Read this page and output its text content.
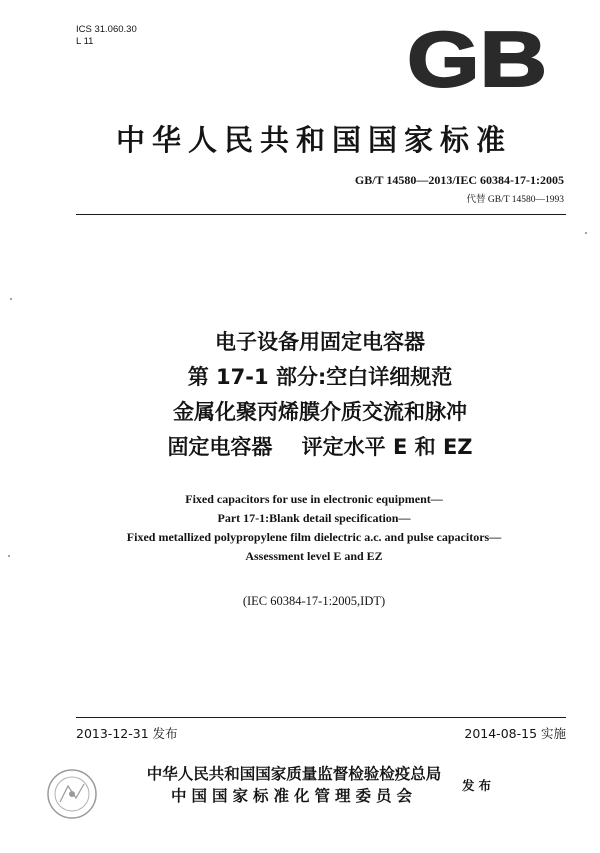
ICS 31.060.30
L 11	GB
中华人民共和国国家标准
GB/T 14580—2013/IEC 60384-17-1:2005
代替 GB/T 14580—1993
电子设备用固定电容器
第 17-1 部分:空白详细规范
金属化聚丙烯膜介质交流和脉冲
固定电容器    评定水平 E 和 EZ
Fixed capacitors for use in electronic equipment—
Part 17-1:Blank detail specification—
Fixed metallized polypropylene film dielectric a.c. and pulse capacitors—
Assessment level E and EZ
(IEC 60384-17-1:2005,IDT)
2013-12-31 发布	2014-08-15 实施
中华人民共和国国家质量监督检验检疫总局
中国国家标准化管理委员会
发布
